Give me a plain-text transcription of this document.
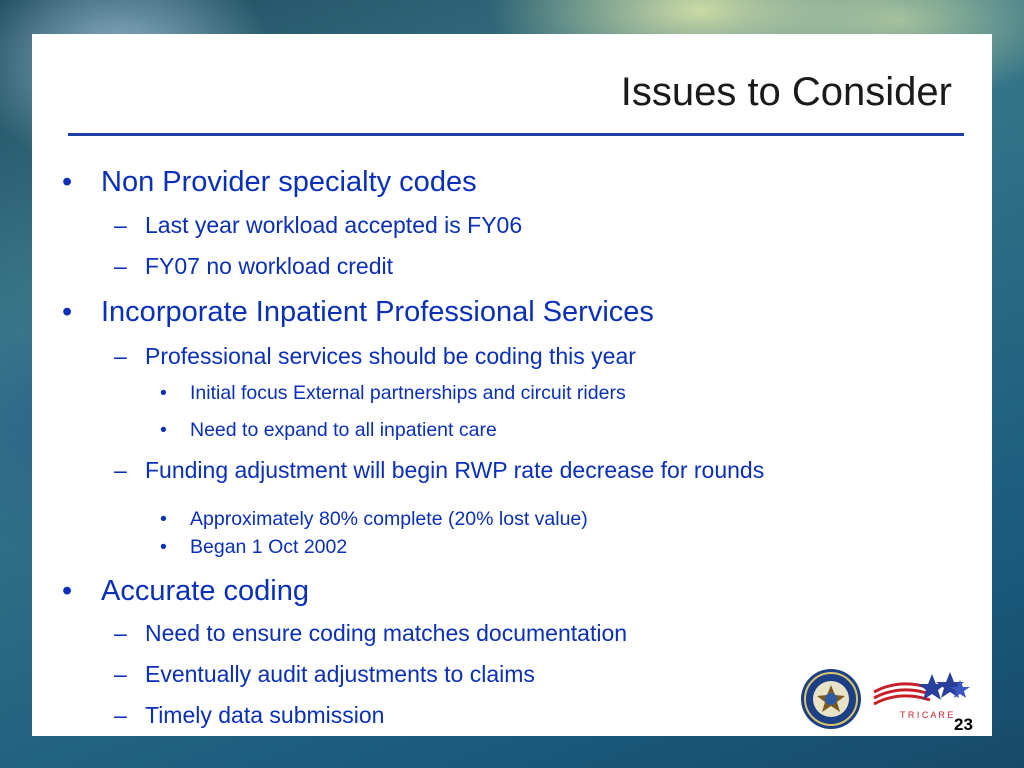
Issues to Consider
• Non Provider specialty codes
– Last year workload accepted is FY06
– FY07 no workload credit
• Incorporate Inpatient Professional Services
– Professional services should be coding this year
• Initial focus External partnerships and circuit riders
• Need to expand to all inpatient care
– Funding adjustment will begin RWP rate decrease for rounds
• Approximately 80% complete (20% lost value)
• Began 1 Oct 2002
• Accurate coding
– Need to ensure coding matches documentation
– Eventually audit adjustments to claims
– Timely data submission	T R I C A R E 23
